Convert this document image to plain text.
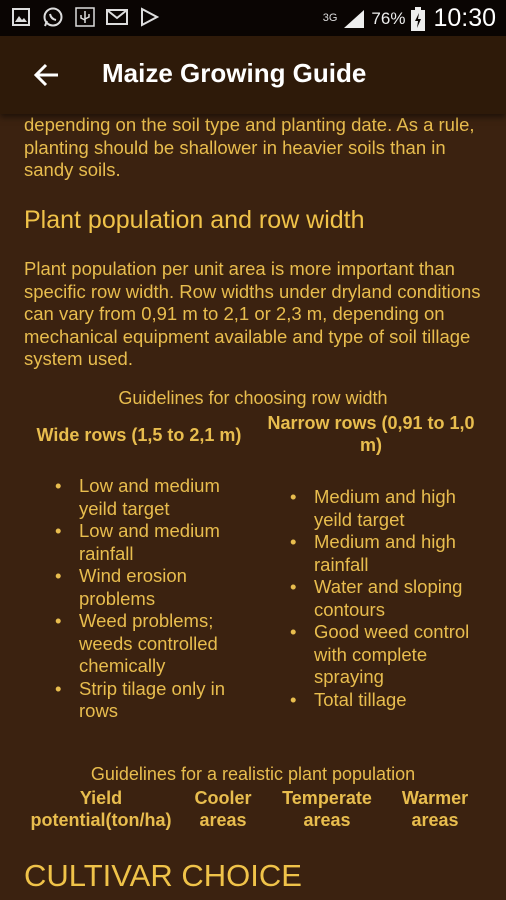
3G 76% 10:30
Maize Growing Guide
depending on the soil type and planting date. As a rule, planting should be shallower in heavier soils than in sandy soils.
Plant population and row width
Plant population per unit area is more important than specific row width. Row widths under dryland conditions can vary from 0,91 m to 2,1 or 2,3 m, depending on mechanical equipment available and type of soil tillage system used.
Guidelines for choosing row width
Wide rows (1,5 to 2,1 m)
Narrow rows (0,91 to 1,0 m)
• Low and medium yeild target
• Low and medium rainfall
• Wind erosion problems
• Weed problems; weeds controlled chemically
• Strip tilage only in rows
• Medium and high yeild target
• Medium and high rainfall
• Water and sloping contours
• Good weed control with complete spraying
• Total tillage
Guidelines for a realistic plant population
Yield potential(ton/ha)
Cooler areas
Temperate areas
Warmer areas
CULTIVAR CHOICE
